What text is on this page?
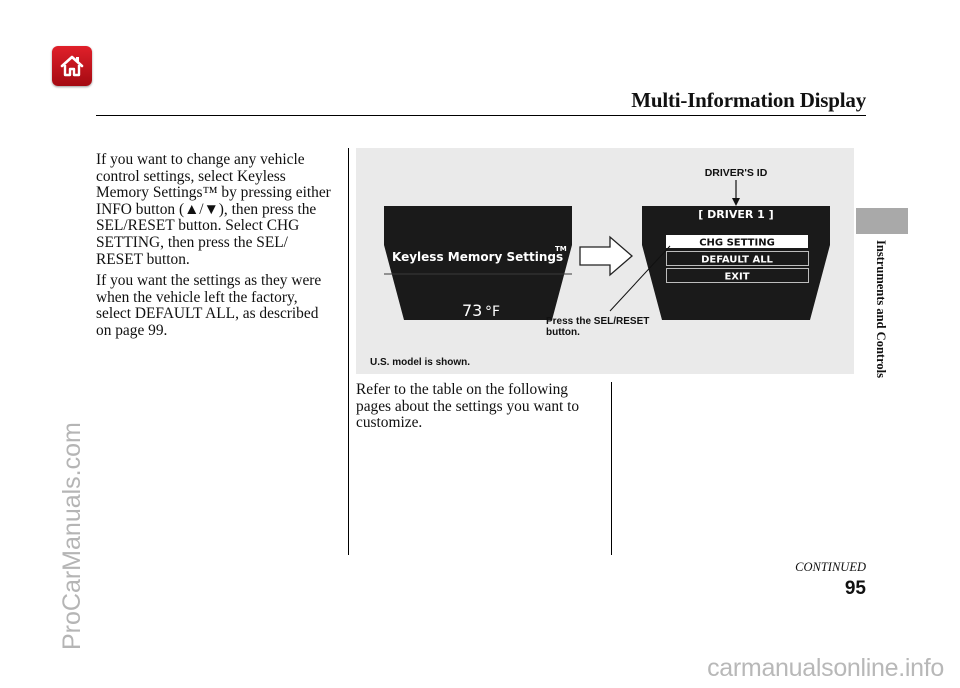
Multi-Information Display
Instruments and Controls

If you want to change any vehicle control settings, select Keyless Memory Settings™ by pressing either INFO button (▲/▼), then press the SEL/RESET button. Select CHG SETTING, then press the SEL/ RESET button.

If you want the settings as they were when the vehicle left the factory, select DEFAULT ALL, as described on page 99.

Keyless Memory Settings
TM
73 °F
[ DRIVER 1 ]
CHG SETTING
DEFAULT ALL
EXIT
DRIVER'S ID
Press the SEL/RESET
button.
U.S. model is shown.

Refer to the table on the following pages about the settings you want to customize.

CONTINUED
95
ProCarManuals.com
carmanualsonline.info
